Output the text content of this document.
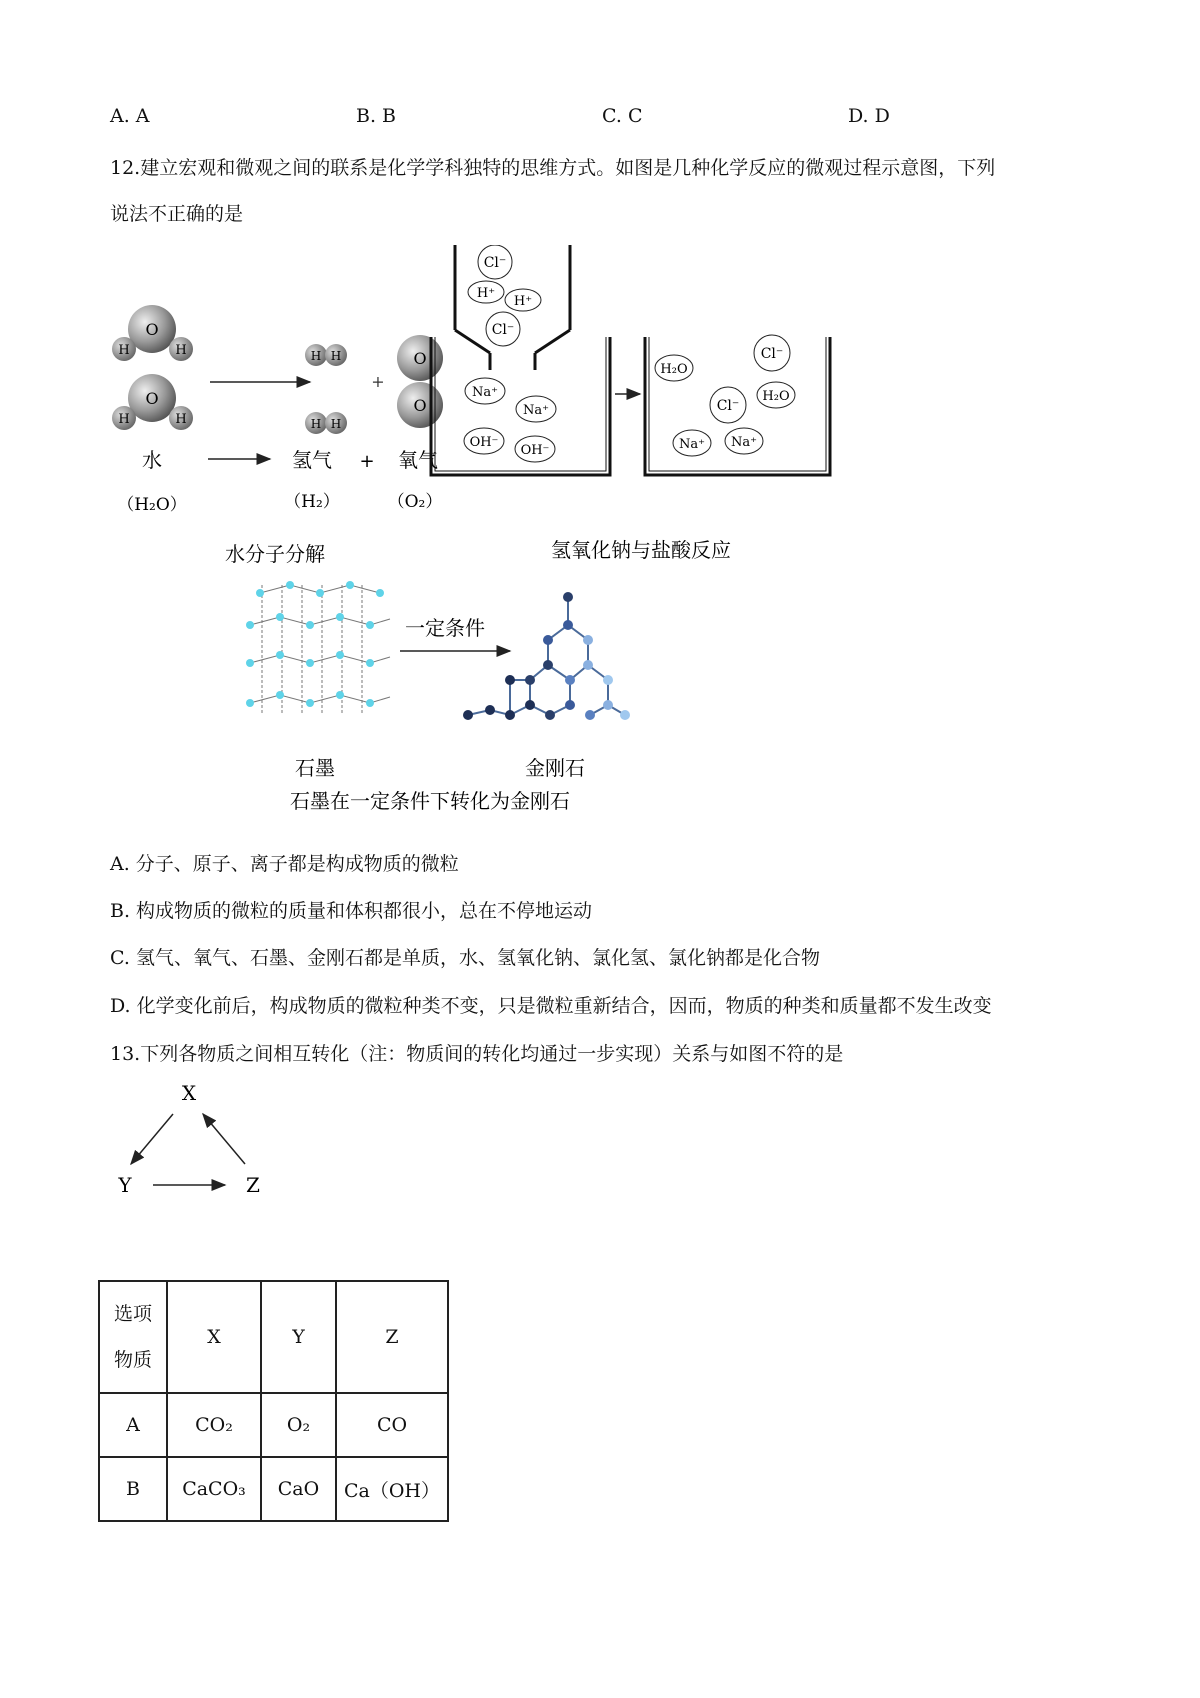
A. A	B. B	C. C	D. D
12.建立宏观和微观之间的联系是化学学科独特的思维方式。如图是几种化学反应的微观过程示意图，下列
说法不正确的是
O
H	H
O
H	H
H H
H H
+
O
O
水	氢气 + 氧气
（H₂O）	（H₂）	（O₂）
水分子分解
Cl⁻
H⁺
H⁺
Cl⁻
Na⁺
Na⁺
OH⁻
OH⁻
H₂O
Cl⁻
H₂O
Cl⁻
Na⁺ Na⁺
氢氧化钠与盐酸反应
一定条件
石墨	金刚石
石墨在一定条件下转化为金刚石
A. 分子、原子、离子都是构成物质的微粒
B. 构成物质的微粒的质量和体积都很小，总在不停地运动
C. 氢气、氧气、石墨、金刚石都是单质，水、氢氧化钠、氯化氢、氯化钠都是化合物
D. 化学变化前后，构成物质的微粒种类不变，只是微粒重新结合，因而，物质的种类和质量都不发生改变
13.下列各物质之间相互转化（注：物质间的转化均通过一步实现）关系与如图不符的是
X
Y	Z
选项
物质	X	Y	Z
A	CO₂	O₂	CO
B	CaCO₃	CaO	Ca（OH）
